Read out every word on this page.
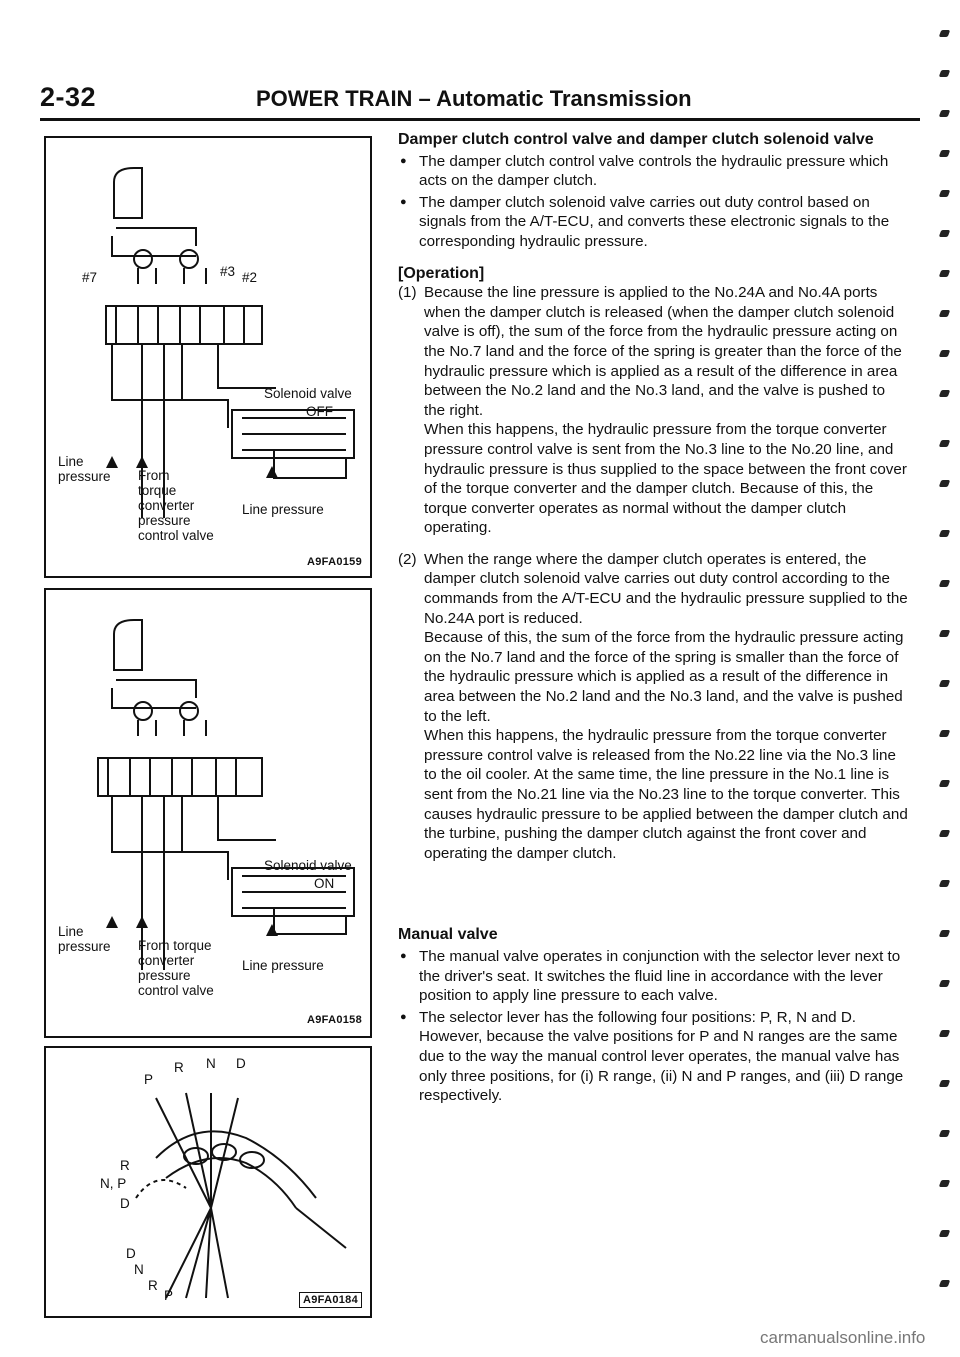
2-32	POWER TRAIN – Automatic Transmission
#7	#3 #2
Solenoid valve
OFF
Line
pressure From
torque
converter
pressure
control valve
Line pressure
A9FA0159
Solenoid valve
ON
Line
pressure From torque
converter
pressure
control valve
Line pressure
A9FA0158
P
R N D
R
N, P
D
D
N
R
P	A9FA0184

Damper clutch control valve and damper clutch solenoid valve

● The damper clutch control valve controls the hydraulic pressure which acts on the damper clutch.

● The damper clutch solenoid valve carries out duty control based on signals from the A/T-ECU, and converts these electronic signals to the corresponding hydraulic pressure.

[Operation]

(1) Because the line pressure is applied to the No.24A and No.4A ports when the damper clutch is released (when the damper clutch solenoid valve is off), the sum of the force from the hydraulic pressure acting on the No.7 land and the force of the spring is greater than the force of the hydraulic pressure which is applied as a result of the difference in area between the No.2 land and the No.3 land, and the valve is pushed to the right.

When this happens, the hydraulic pressure from the torque converter pressure control valve is sent from the No.3 line to the No.20 line, and hydraulic pressure is thus supplied to the space between the front cover of the torque converter and the damper clutch. Because of this, the torque converter operates as normal without the damper clutch operating.

(2) When the range where the damper clutch operates is entered, the damper clutch solenoid valve carries out duty control according to the commands from the A/T-ECU and the hydraulic pressure supplied to the No.24A port is reduced.

Because of this, the sum of the force from the hydraulic pressure acting on the No.7 land and the force of the spring is smaller than the force of the hydraulic pressure which is applied as a result of the difference in area between the No.2 land and the No.3 land, and the valve is pushed to the left.

When this happens, the hydraulic pressure from the torque converter pressure control valve is released from the No.22 line via the No.3 line to the oil cooler. At the same time, the line pressure in the No.1 line is sent from the No.21 line via the No.23 line to the torque converter. This causes hydraulic pressure to be applied between the damper clutch and the turbine, pushing the damper clutch against the front cover and operating the damper clutch.

Manual valve

● The manual valve operates in conjunction with the selector lever next to the driver's seat. It switches the fluid line in accordance with the lever position to apply line pressure to each valve.

● The selector lever has the following four positions: P, R, N and D. However, because the valve positions for P and N ranges are the same due to the way the manual control lever operates, the manual valve has only three positions, for (i) R range, (ii) N and P ranges, and (iii) D range respectively.

carmanualsonline.info
